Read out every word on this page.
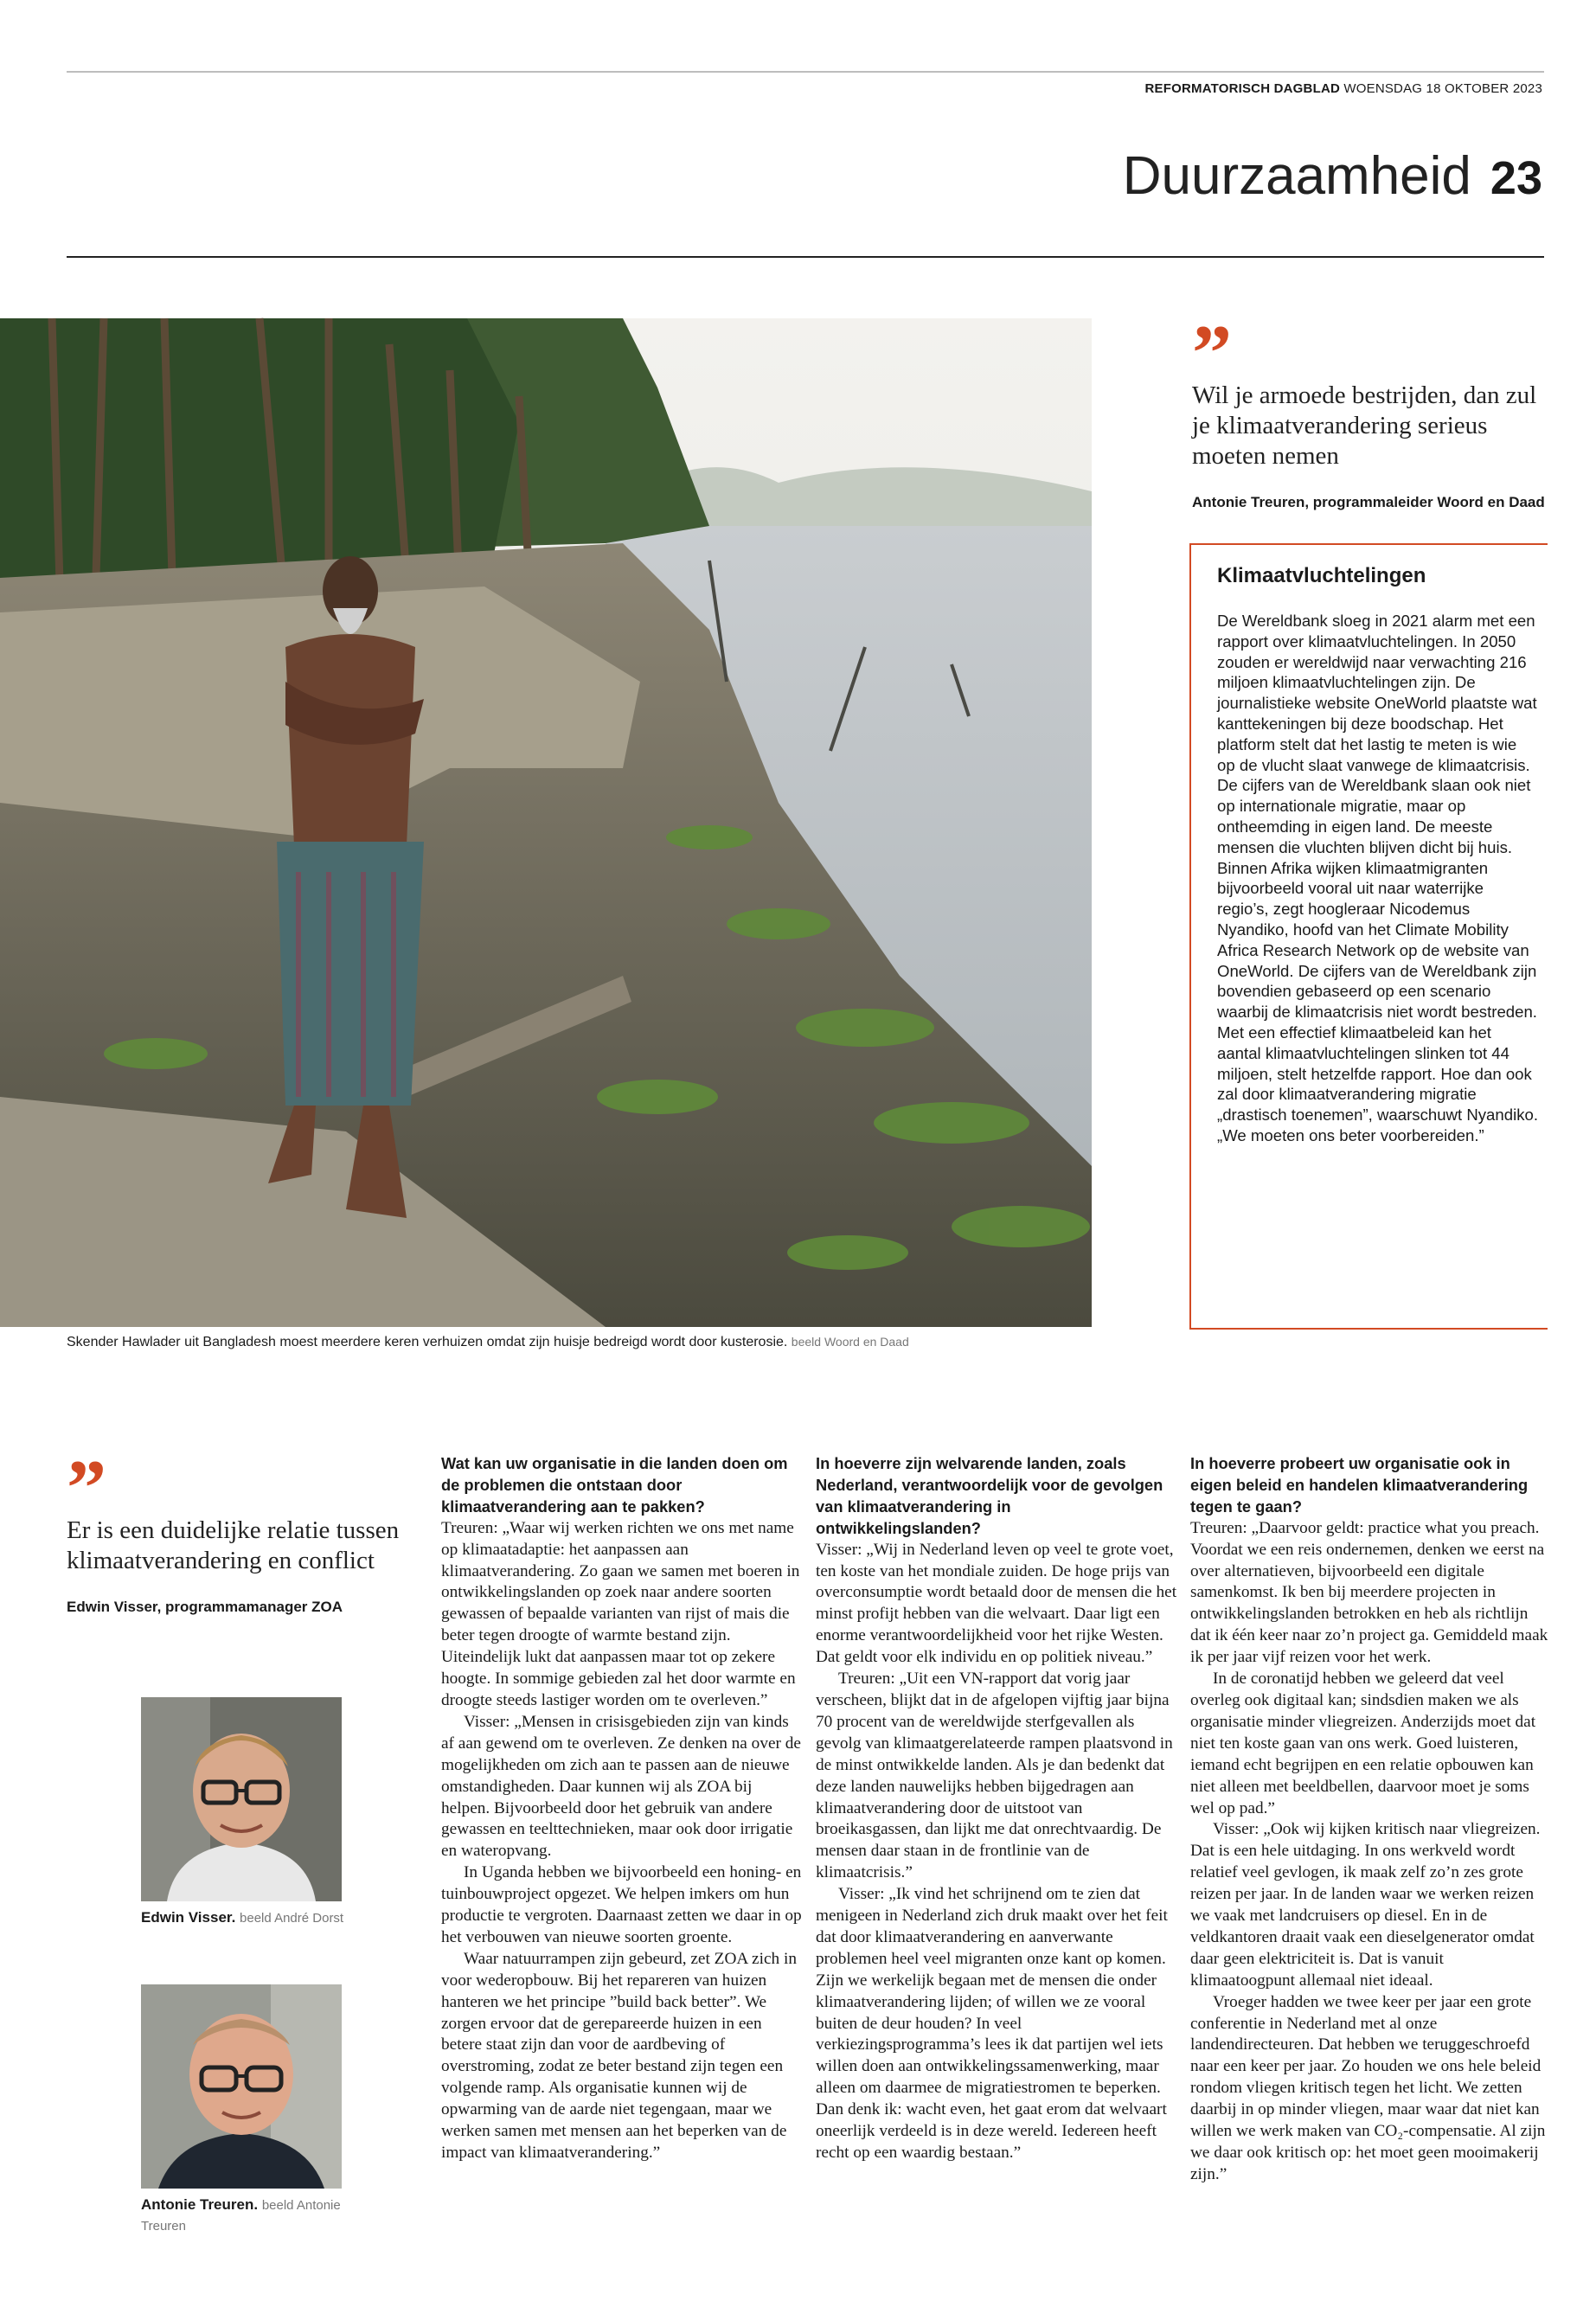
REFORMATORISCH DAGBLAD WOENSDAG 18 OKTOBER 2023
Duurzaamheid 23
Skender Hawlader uit Bangladesh moest meerdere keren verhuizen omdat zijn huisje bedreigd wordt door kusterosie. beeld Woord en Daad
”
Wil je armoede bestrijden, dan zul je klimaatverandering serieus moeten nemen
Antonie Treuren, programmaleider Woord en Daad
Klimaatvluchtelingen

De Wereldbank sloeg in 2021 alarm met een rapport over klimaatvluchtelingen. In 2050 zouden er wereldwijd naar verwachting 216 miljoen klimaatvluchtelingen zijn. De journalistieke website OneWorld plaatste wat kanttekeningen bij deze boodschap. Het platform stelt dat het lastig te meten is wie op de vlucht slaat vanwege de klimaatcrisis. De cijfers van de Wereldbank slaan ook niet op internationale migratie, maar op ontheemding in eigen land. De meeste mensen die vluchten blijven dicht bij huis. Binnen Afrika wijken klimaatmigranten bijvoorbeeld vooral uit naar waterrijke regio’s, zegt hoogleraar Nicodemus Nyandiko, hoofd van het Climate Mobility Africa Research Network op de website van OneWorld. De cijfers van de Wereldbank zijn bovendien gebaseerd op een scenario waarbij de klimaatcrisis niet wordt bestreden. Met een effectief klimaatbeleid kan het aantal klimaatvluchtelingen slinken tot 44 miljoen, stelt hetzelfde rapport. Hoe dan ook zal door klimaatverandering migratie „drastisch toenemen”, waarschuwt Nyandiko. „We moeten ons beter voorbereiden.”

”
Er is een duidelijke relatie tussen klimaatverandering en conflict
Edwin Visser, programmamanager ZOA
Edwin Visser. beeld André Dorst
Antonie Treuren. beeld Antonie Treuren

Wat kan uw organisatie in die landen doen om de problemen die ontstaan door klimaatverandering aan te pakken?

Treuren: „Waar wij werken richten we ons met name op klimaatadaptie: het aanpassen aan klimaatverandering. Zo gaan we samen met boeren in ontwikkelingslanden op zoek naar andere soorten gewassen of bepaalde varianten van rijst of mais die beter tegen droogte of warmte bestand zijn. Uiteindelijk lukt dat aanpassen maar tot op zekere hoogte. In sommige gebieden zal het door warmte en droogte steeds lastiger worden om te overleven.”

Visser: „Mensen in crisisgebieden zijn van kinds af aan gewend om te overleven. Ze denken na over de mogelijkheden om zich aan te passen aan de nieuwe omstandigheden. Daar kunnen wij als ZOA bij helpen. Bijvoorbeeld door het gebruik van andere gewassen en teelttechnieken, maar ook door irrigatie en wateropvang.

In Uganda hebben we bijvoorbeeld een honing- en tuinbouwproject opgezet. We helpen imkers om hun productie te vergroten. Daarnaast zetten we daar in op het verbouwen van nieuwe soorten groente.

Waar natuurrampen zijn gebeurd, zet ZOA zich in voor wederopbouw. Bij het repareren van huizen hanteren we het principe ”build back better”. We zorgen ervoor dat de gerepareerde huizen in een betere staat zijn dan voor de aardbeving of overstroming, zodat ze beter bestand zijn tegen een volgende ramp. Als organisatie kunnen wij de opwarming van de aarde niet tegengaan, maar we werken samen met mensen aan het beperken van de impact van klimaatverandering.”

In hoeverre zijn welvarende landen, zoals Nederland, verantwoordelijk voor de gevolgen van klimaatverandering in ontwikkelingslanden?

Visser: „Wij in Nederland leven op veel te grote voet, ten koste van het mondiale zuiden. De hoge prijs van overconsumptie wordt betaald door de mensen die het minst profijt hebben van die welvaart. Daar ligt een enorme verantwoordelijkheid voor het rijke Westen. Dat geldt voor elk individu en op politiek niveau.”

Treuren: „Uit een VN-rapport dat vorig jaar verscheen, blijkt dat in de afgelopen vijftig jaar bijna 70 procent van de wereldwijde sterfgevallen als gevolg van klimaatgerelateerde rampen plaatsvond in de minst ontwikkelde landen. Als je dan bedenkt dat deze landen nauwelijks hebben bijgedragen aan klimaatverandering door de uitstoot van broeikasgassen, dan lijkt me dat onrechtvaardig. De mensen daar staan in de frontlinie van de klimaatcrisis.”

Visser: „Ik vind het schrijnend om te zien dat menigeen in Nederland zich druk maakt over het feit dat door klimaatverandering en aanverwante problemen heel veel migranten onze kant op komen. Zijn we werkelijk begaan met de mensen die onder klimaatverandering lijden; of willen we ze vooral buiten de deur houden? In veel verkiezingsprogramma’s lees ik dat partijen wel iets willen doen aan ontwikkelingssamenwerking, maar alleen om daarmee de migratiestromen te beperken. Dan denk ik: wacht even, het gaat erom dat welvaart oneerlijk verdeeld is in deze wereld. Iedereen heeft recht op een waardig bestaan.”

In hoeverre probeert uw organisatie ook in eigen beleid en handelen klimaatverandering tegen te gaan?

Treuren: „Daarvoor geldt: practice what you preach. Voordat we een reis ondernemen, denken we eerst na over alternatieven, bijvoorbeeld een digitale samenkomst. Ik ben bij meerdere projecten in ontwikkelingslanden betrokken en heb als richtlijn dat ik één keer naar zo’n project ga. Gemiddeld maak ik per jaar vijf reizen voor het werk.

In de coronatijd hebben we geleerd dat veel overleg ook digitaal kan; sindsdien maken we als organisatie minder vliegreizen. Anderzijds moet dat niet ten koste gaan van ons werk. Goed luisteren, iemand echt begrijpen en een relatie opbouwen kan niet alleen met beeldbellen, daarvoor moet je soms wel op pad.”

Visser: „Ook wij kijken kritisch naar vliegreizen. Dat is een hele uitdaging. In ons werkveld wordt relatief veel gevlogen, ik maak zelf zo’n zes grote reizen per jaar. In de landen waar we werken reizen we vaak met landcruisers op diesel. En in de veldkantoren draait vaak een dieselgenerator omdat daar geen elektriciteit is. Dat is vanuit klimaatoogpunt allemaal niet ideaal.

Vroeger hadden we twee keer per jaar een grote conferentie in Nederland met al onze landendirecteuren. Dat hebben we teruggeschroefd naar een keer per jaar. Zo houden we ons hele beleid rondom vliegen kritisch tegen het licht. We zetten daarbij in op minder vliegen, maar waar dat niet kan willen we werk maken van CO₂-compensatie. Al zijn we daar ook kritisch op: het moet geen mooimakerij zijn.”
